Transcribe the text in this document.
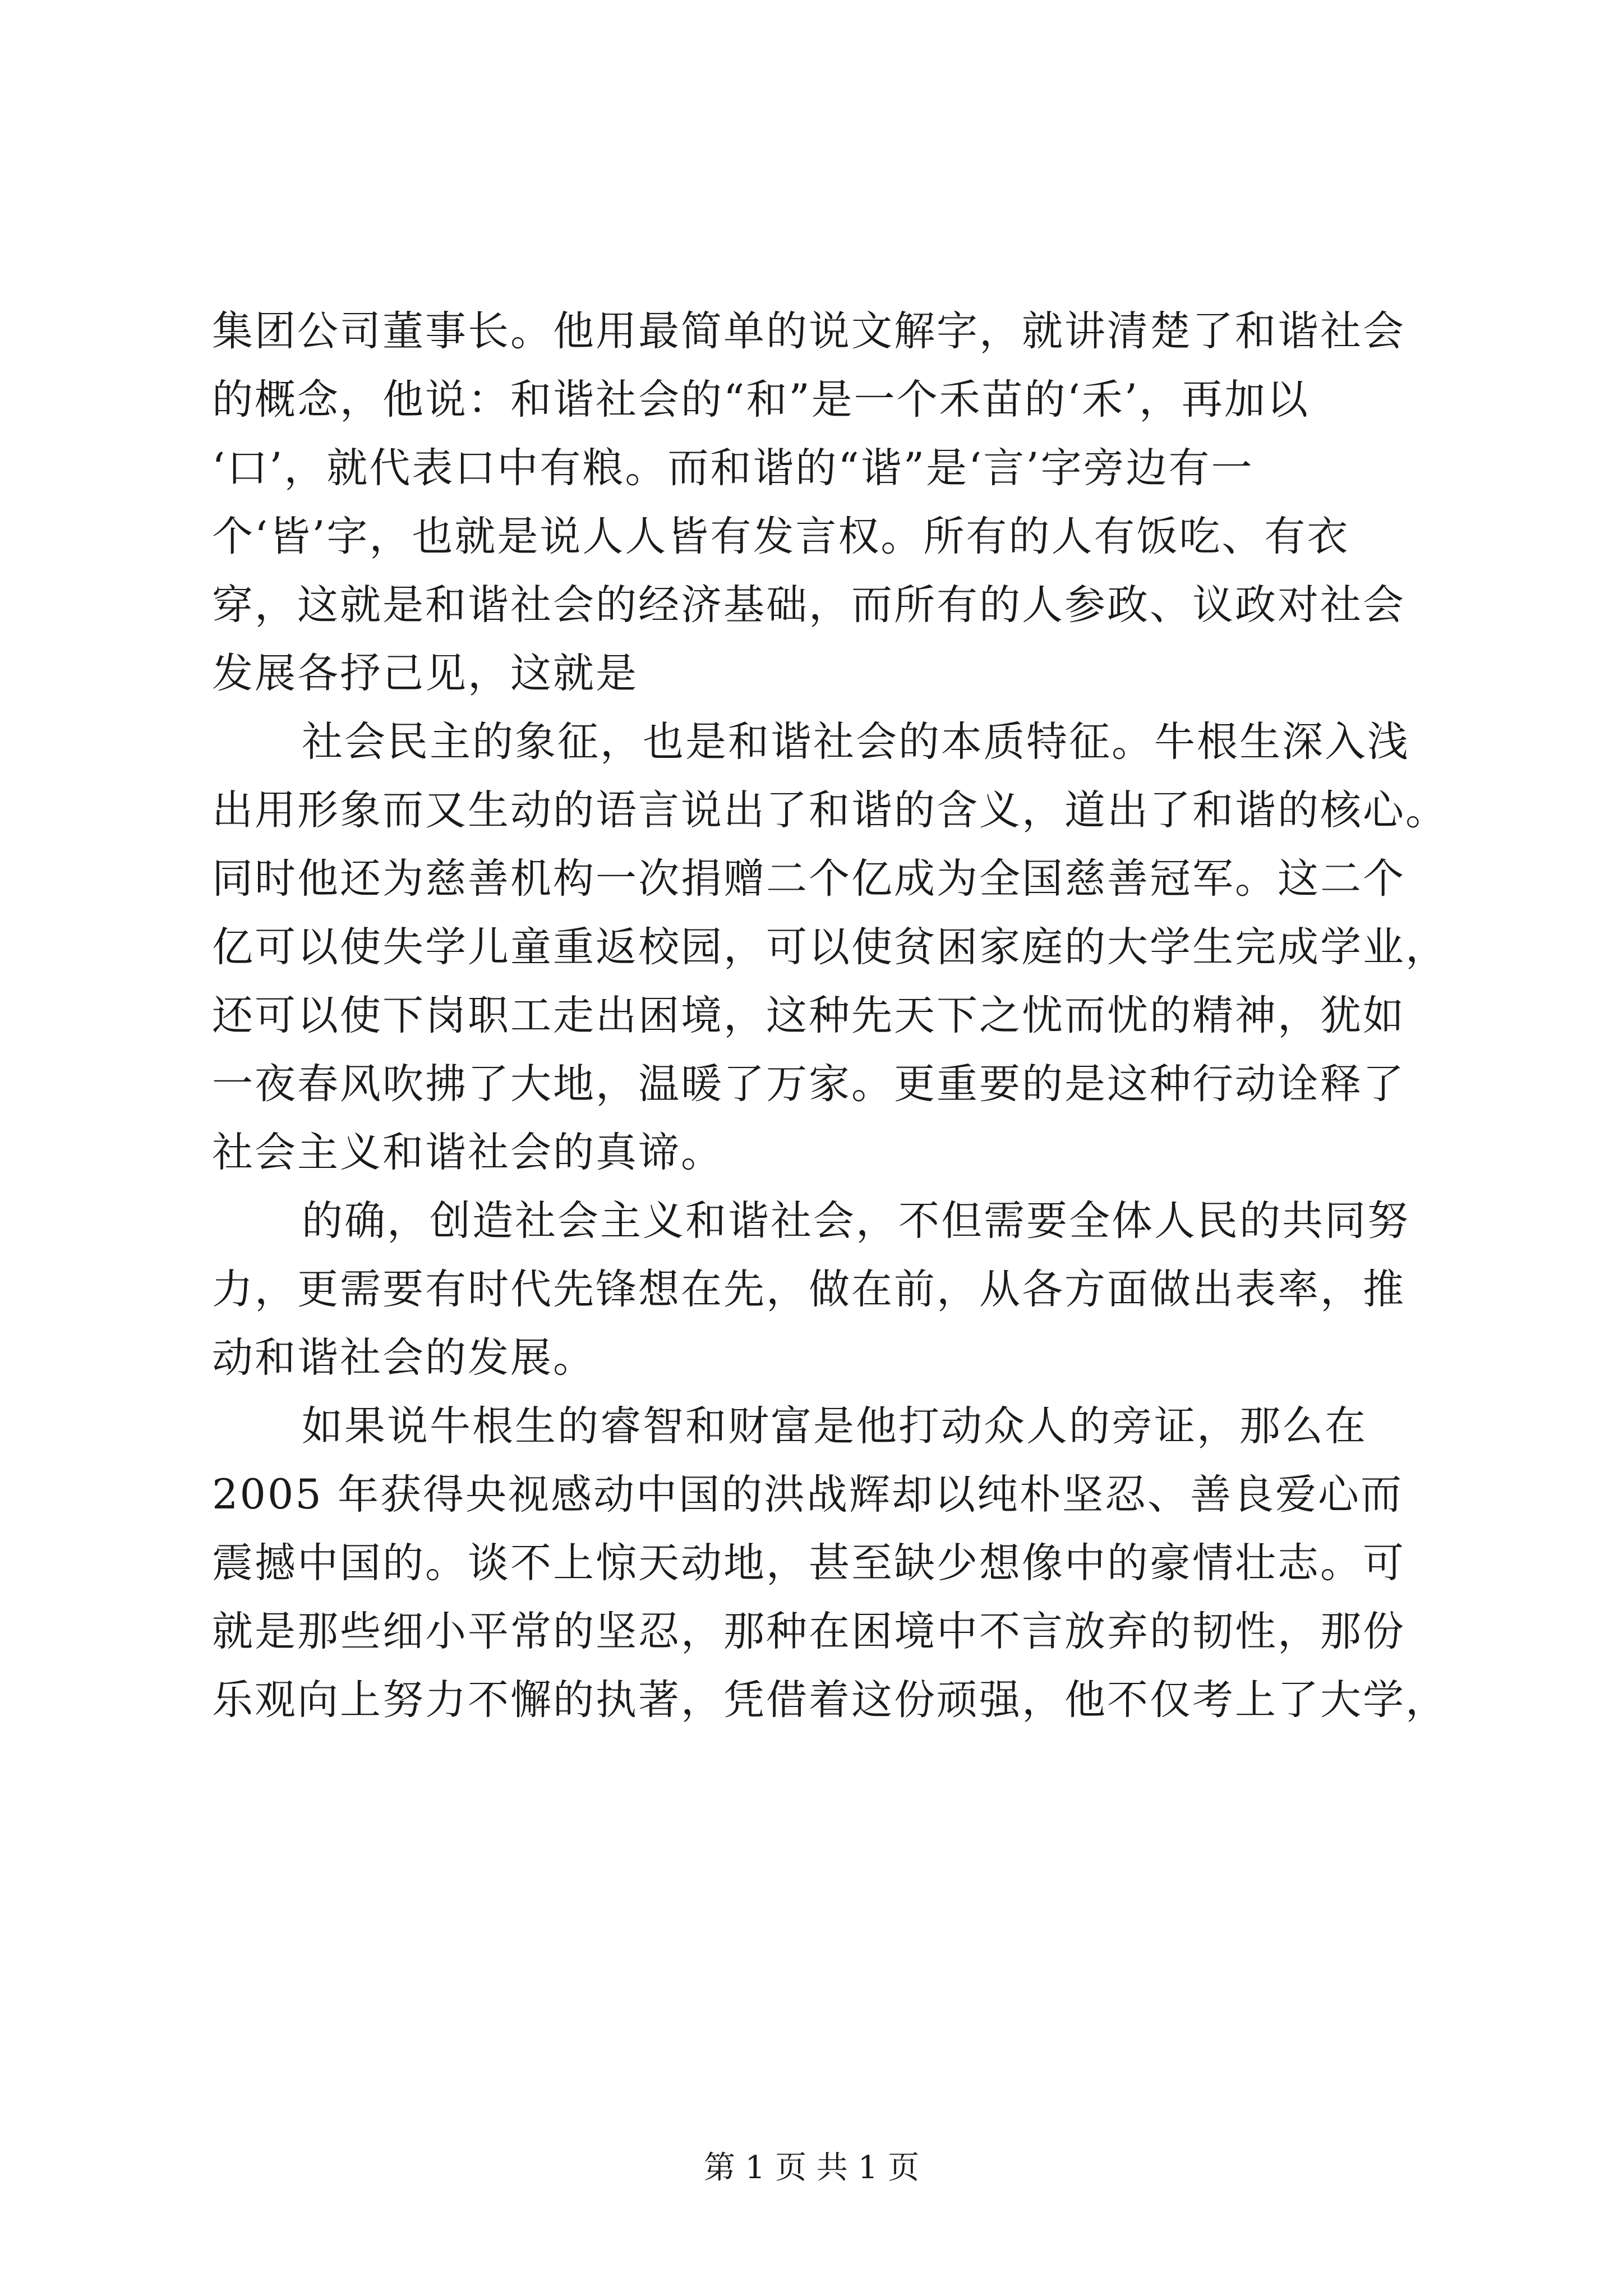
集团公司董事长。他用最简单的说文解字，就讲清楚了和谐社会
的概念，他说：和谐社会的“和”是一个禾苗的‘禾’，再加以
‘口’，就代表口中有粮。而和谐的“谐”是‘言’字旁边有一
个‘皆’字，也就是说人人皆有发言权。所有的人有饭吃、有衣
穿，这就是和谐社会的经济基础，而所有的人参政、议政对社会
发展各抒己见，这就是
社会民主的象征，也是和谐社会的本质特征。牛根生深入浅
出用形象而又生动的语言说出了和谐的含义，道出了和谐的核心。
同时他还为慈善机构一次捐赠二个亿成为全国慈善冠军。这二个
亿可以使失学儿童重返校园，可以使贫困家庭的大学生完成学业，
还可以使下岗职工走出困境，这种先天下之忧而忧的精神，犹如
一夜春风吹拂了大地，温暖了万家。更重要的是这种行动诠释了
社会主义和谐社会的真谛。
的确，创造社会主义和谐社会，不但需要全体人民的共同努
力，更需要有时代先锋想在先，做在前，从各方面做出表率，推
动和谐社会的发展。
如果说牛根生的睿智和财富是他打动众人的旁证，那么在
2005 年获得央视感动中国的洪战辉却以纯朴坚忍、善良爱心而
震撼中国的。谈不上惊天动地，甚至缺少想像中的豪情壮志。可
就是那些细小平常的坚忍，那种在困境中不言放弃的韧性，那份
乐观向上努力不懈的执著，凭借着这份顽强，他不仅考上了大学，
第 1 页 共 1 页
